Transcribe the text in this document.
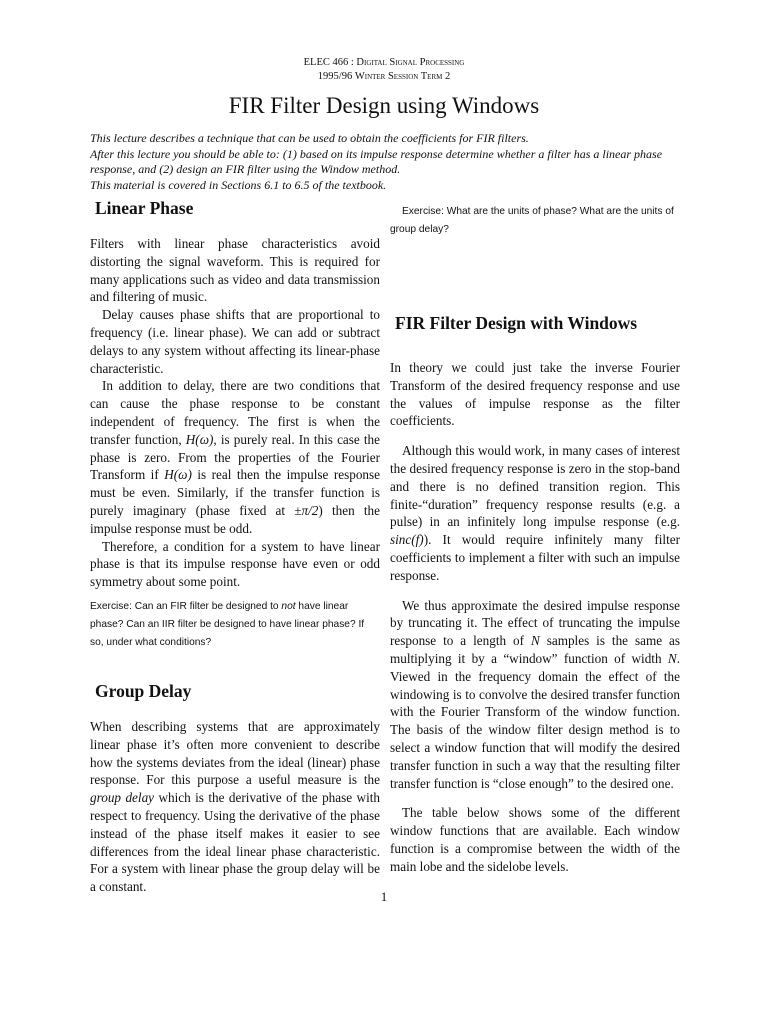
ELEC 466 : Digital Signal Processing
1995/96 Winter Session Term 2
FIR Filter Design using Windows

This lecture describes a technique that can be used to obtain the coefficients for FIR filters.

After this lecture you should be able to: (1) based on its impulse response determine whether a filter has a linear phase response, and (2) design an FIR filter using the Window method.

This material is covered in Sections 6.1 to 6.5 of the textbook.

Linear Phase

Filters with linear phase characteristics avoid distorting the signal waveform. This is required for many applications such as video and data transmission and filtering of music.

Delay causes phase shifts that are proportional to frequency (i.e. linear phase). We can add or subtract delays to any system without affecting its linear-phase characteristic.

In addition to delay, there are two conditions that can cause the phase response to be constant independent of frequency. The first is when the transfer function, H(ω), is purely real. In this case the phase is zero. From the properties of the Fourier Transform if H(ω) is real then the impulse response must be even. Similarly, if the transfer function is purely imaginary (phase fixed at ±π/2) then the impulse response must be odd.

Therefore, a condition for a system to have linear phase is that its impulse response have even or odd symmetry about some point.

Exercise: Can an FIR filter be designed to not have linear phase? Can an IIR filter be designed to have linear phase? If so, under what conditions?

Group Delay

When describing systems that are approximately linear phase it’s often more convenient to describe how the systems deviates from the ideal (linear) phase response. For this purpose a useful measure is the group delay which is the derivative of the phase with respect to frequency. Using the derivative of the phase instead of the phase itself makes it easier to see differences from the ideal linear phase characteristic. For a system with linear phase the group delay will be a constant.

Exercise: What are the units of phase? What are the units of group delay?

FIR Filter Design with Windows

In theory we could just take the inverse Fourier Transform of the desired frequency response and use the values of impulse response as the filter coefficients.

Although this would work, in many cases of interest the desired frequency response is zero in the stop-band and there is no defined transition region. This finite-“duration” frequency response results (e.g. a pulse) in an infinitely long impulse response (e.g. sinc(f)). It would require infinitely many filter coefficients to implement a filter with such an impulse response.

We thus approximate the desired impulse response by truncating it. The effect of truncating the impulse response to a length of N samples is the same as multiplying it by a “window” function of width N. Viewed in the frequency domain the effect of the windowing is to convolve the desired transfer function with the Fourier Transform of the window function. The basis of the window filter design method is to select a window function that will modify the desired transfer function in such a way that the resulting filter transfer function is “close enough” to the desired one.

The table below shows some of the different window functions that are available. Each window function is a compromise between the width of the main lobe and the sidelobe levels.

1
